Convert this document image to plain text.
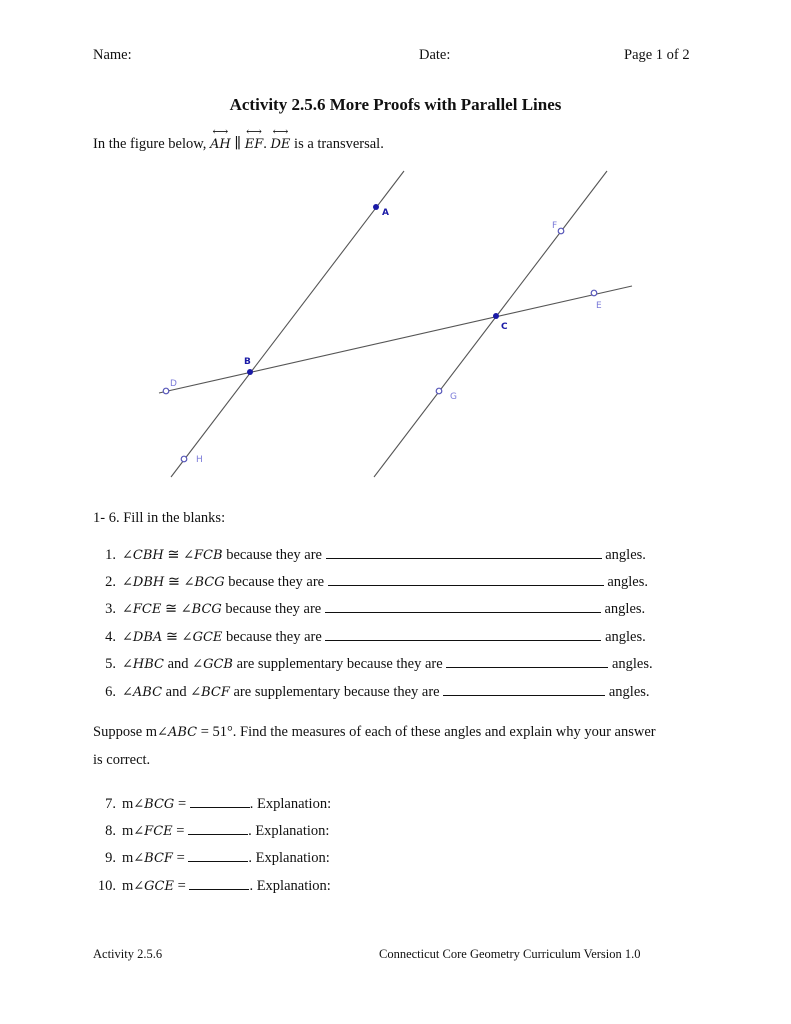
Name:	Date:	Page 1 of 2
Activity 2.5.6 More Proofs with Parallel Lines
In the figure below, ⟷ AH ∥ ⟷ EF. ⟷ DE is a transversal.
A
B
C
D
E
F
G
H
1- 6. Fill in the blanks:
1. ∠CBH ≅ ∠FCB because they are	angles.
2. ∠DBH ≅ ∠BCG because they are	angles.
3. ∠FCE ≅ ∠BCG because they are	angles.
4. ∠DBA ≅ ∠GCE because they are	angles.
5. ∠HBC and ∠GCB are supplementary because they are	angles.
6. ∠ABC and ∠BCF are supplementary because they are	angles.
Suppose m∠ABC = 51°. Find the measures of each of these angles and explain why your answer
is correct.
7. m∠BCG =	. Explanation:
8. m∠FCE =	. Explanation:
9. m∠BCF =	. Explanation:
10. m∠GCE =	. Explanation:
Activity 2.5.6	Connecticut Core Geometry Curriculum Version 1.0
